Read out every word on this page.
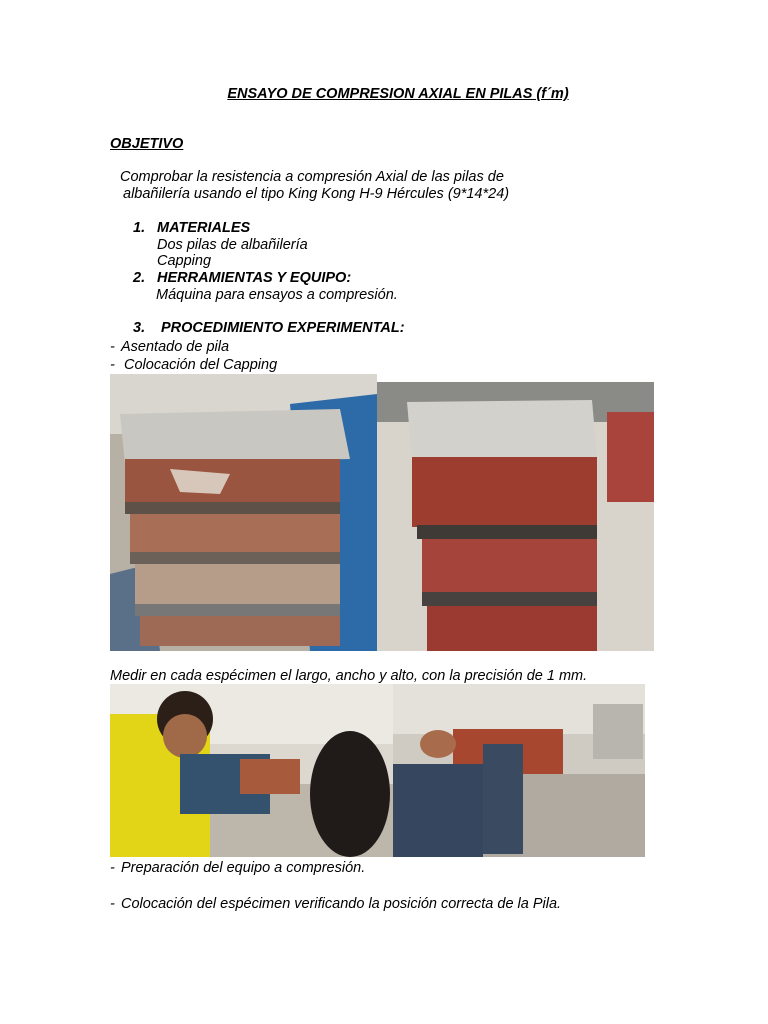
ENSAYO DE COMPRESION AXIAL EN PILAS (f´m)
OBJETIVO
Comprobar la resistencia a compresión Axial de las pilas de
albañilería usando el tipo King Kong H-9 Hércules (9*14*24)
1. MATERIALES
Dos pilas de albañilería
Capping
2. HERRAMIENTAS Y EQUIPO:
Máquina para ensayos a compresión.
3. PROCEDIMIENTO EXPERIMENTAL:
- Asentado de pila
- Colocación del Capping
Medir en cada espécimen el largo, ancho y alto, con la precisión de 1 mm.
- Preparación del equipo a compresión.
- Colocación del espécimen verificando la posición correcta de la Pila.
